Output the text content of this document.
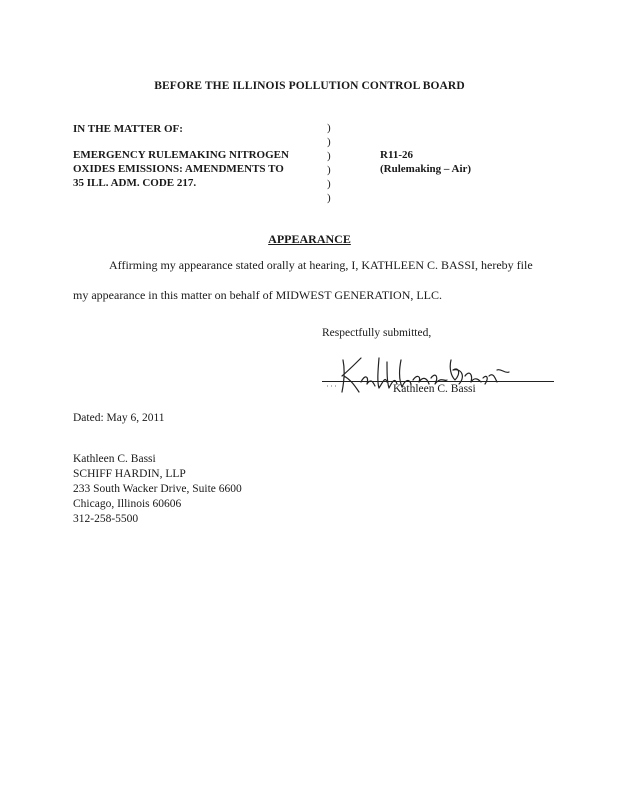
BEFORE THE ILLINOIS POLLUTION CONTROL BOARD
IN THE MATTER OF:
EMERGENCY RULEMAKING NITROGEN
OXIDES EMISSIONS: AMENDMENTS TO
35 ILL. ADM. CODE 217.
)
)
)
)
)
)
R11-26
(Rulemaking – Air)
APPEARANCE
Affirming my appearance stated orally at hearing, I, KATHLEEN C. BASSI, hereby file
my appearance in this matter on behalf of MIDWEST GENERATION, LLC.
Respectfully submitted,
Kathleen C. Bassi
Dated: May 6, 2011
Kathleen C. Bassi
SCHIFF HARDIN, LLP
233 South Wacker Drive, Suite 6600
Chicago, Illinois 60606
312-258-5500
